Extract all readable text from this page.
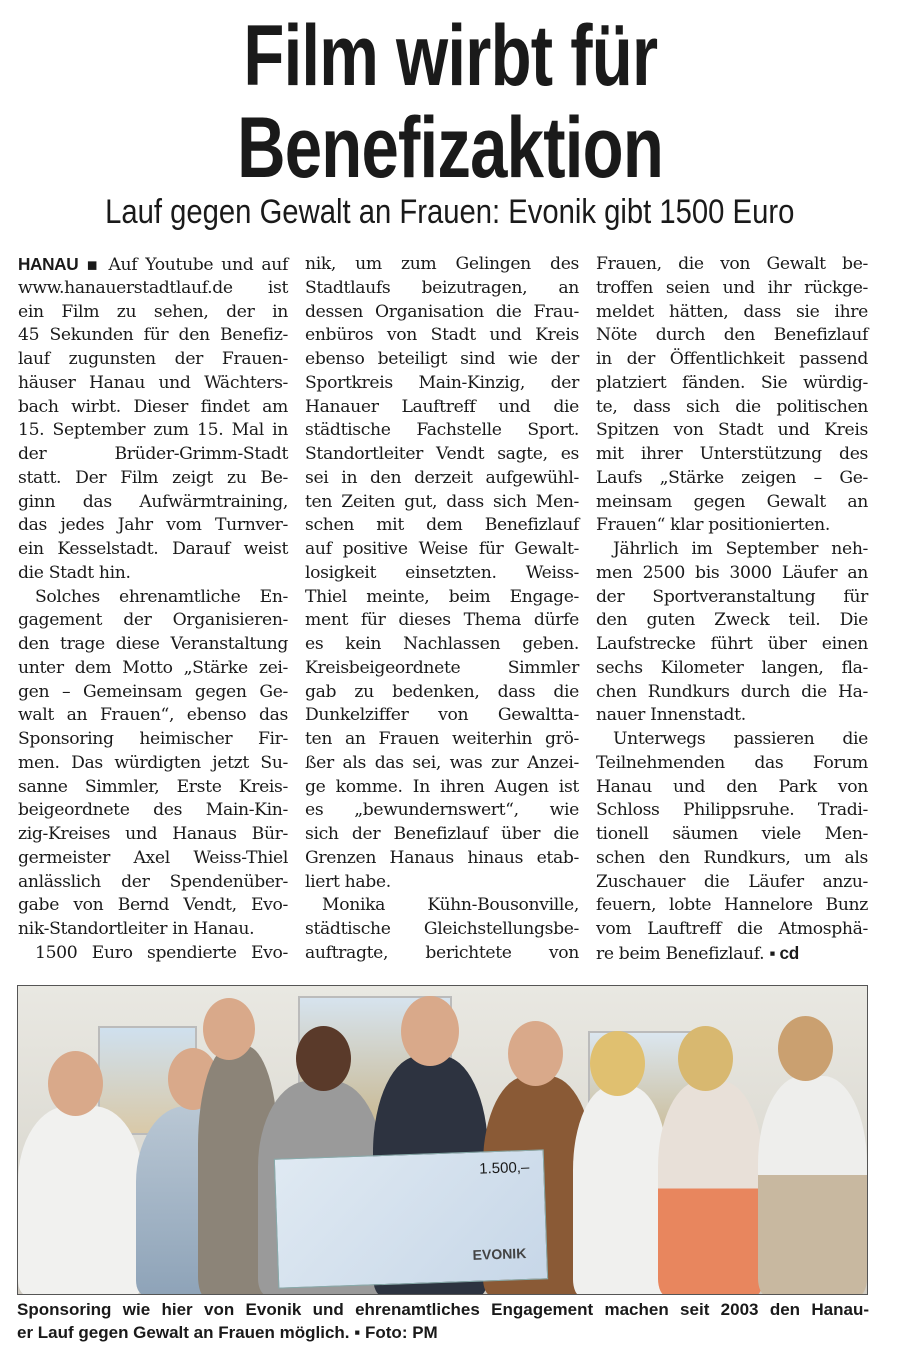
Film wirbt für
Benefizaktion
Lauf gegen Gewalt an Frauen: Evonik gibt 1500 Euro
HANAU ▪ Auf Youtube und auf
www.hanauerstadtlauf.de ist
ein Film zu sehen, der in
45 Sekunden für den Benefiz-
lauf zugunsten der Frauen-
häuser Hanau und Wächters-
bach wirbt. Dieser findet am
15. September zum 15. Mal in
der Brüder-Grimm-Stadt
statt. Der Film zeigt zu Be-
ginn das Aufwärmtraining,
das jedes Jahr vom Turnver-
ein Kesselstadt. Darauf weist
die Stadt hin.
Solches ehrenamtliche En-
gagement der Organisieren-
den trage diese Veranstaltung
unter dem Motto „Stärke zei-
gen – Gemeinsam gegen Ge-
walt an Frauen“, ebenso das
Sponsoring heimischer Fir-
men. Das würdigten jetzt Su-
sanne Simmler, Erste Kreis-
beigeordnete des Main-Kin-
zig-Kreises und Hanaus Bür-
germeister Axel Weiss-Thiel
anlässlich der Spendenüber-
gabe von Bernd Vendt, Evo-
nik-Standortleiter in Hanau.
1500 Euro spendierte Evo-
nik, um zum Gelingen des
Stadtlaufs beizutragen, an
dessen Organisation die Frau-
enbüros von Stadt und Kreis
ebenso beteiligt sind wie der
Sportkreis Main-Kinzig, der
Hanauer Lauftreff und die
städtische Fachstelle Sport.
Standortleiter Vendt sagte, es
sei in den derzeit aufgewühl-
ten Zeiten gut, dass sich Men-
schen mit dem Benefizlauf
auf positive Weise für Gewalt-
losigkeit einsetzten. Weiss-
Thiel meinte, beim Engage-
ment für dieses Thema dürfe
es kein Nachlassen geben.
Kreisbeigeordnete Simmler
gab zu bedenken, dass die
Dunkelziffer von Gewaltta-
ten an Frauen weiterhin grö-
ßer als das sei, was zur Anzei-
ge komme. In ihren Augen ist
es „bewundernswert“, wie
sich der Benefizlauf über die
Grenzen Hanaus hinaus etab-
liert habe.
Monika Kühn-Bousonville,
städtische Gleichstellungsbe-
auftragte, berichtete von
Frauen, die von Gewalt be-
troffen seien und ihr rückge-
meldet hätten, dass sie ihre
Nöte durch den Benefizlauf
in der Öffentlichkeit passend
platziert fänden. Sie würdig-
te, dass sich die politischen
Spitzen von Stadt und Kreis
mit ihrer Unterstützung des
Laufs „Stärke zeigen – Ge-
meinsam gegen Gewalt an
Frauen“ klar positionierten.
Jährlich im September neh-
men 2500 bis 3000 Läufer an
der Sportveranstaltung für
den guten Zweck teil. Die
Laufstrecke führt über einen
sechs Kilometer langen, fla-
chen Rundkurs durch die Ha-
nauer Innenstadt.
Unterwegs passieren die
Teilnehmenden das Forum
Hanau und den Park von
Schloss Philippsruhe. Tradi-
tionell säumen viele Men-
schen den Rundkurs, um als
Zuschauer die Läufer anzu-
feuern, lobte Hannelore Bunz
vom Lauftreff die Atmosphä-
re beim Benefizlauf. ▪ cd
1.500,–
EVONIK
Sponsoring wie hier von Evonik und ehrenamtliches Engagement machen seit 2003 den Hanau-
er Lauf gegen Gewalt an Frauen möglich. ▪ Foto: PM
